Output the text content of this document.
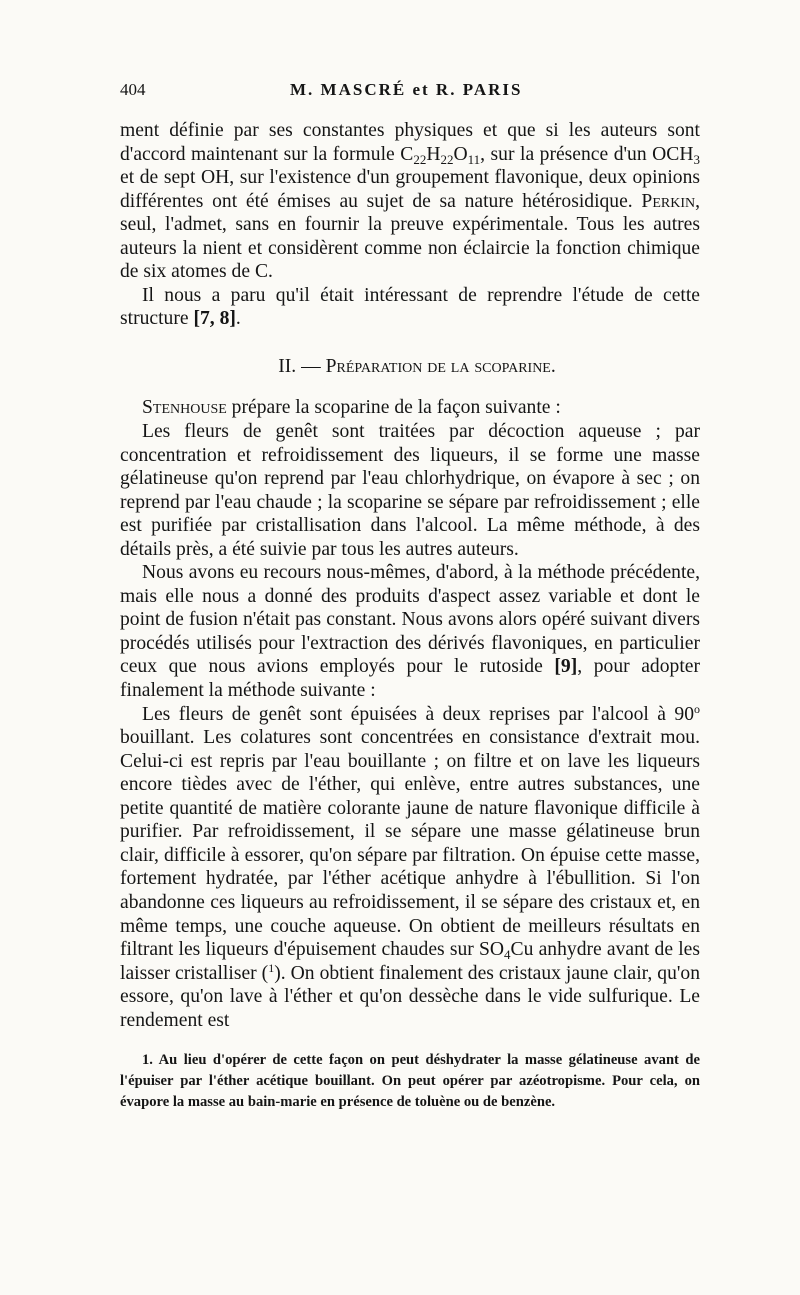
404	M. MASCRÉ et R. PARIS

ment définie par ses constantes physiques et que si les auteurs sont d'accord maintenant sur la formule $C_{22}H_{22}O_{11}$, sur la présence d'un $OCH_3$ et de sept OH, sur l'existence d'un groupement flavonique, deux opinions différentes ont été émises au sujet de sa nature hétérosidique. Perkin, seul, l'admet, sans en fournir la preuve expérimentale. Tous les autres auteurs la nient et considèrent comme non éclaircie la fonction chimique de six atomes de C.

Il nous a paru qu'il était intéressant de reprendre l'étude de cette structure [7, 8].

II. — Préparation de la scoparine.

Stenhouse prépare la scoparine de la façon suivante :

Les fleurs de genêt sont traitées par décoction aqueuse ; par concentration et refroidissement des liqueurs, il se forme une masse gélatineuse qu'on reprend par l'eau chlorhydrique, on évapore à sec ; on reprend par l'eau chaude ; la scoparine se sépare par refroidissement ; elle est purifiée par cristallisation dans l'alcool. La même méthode, à des détails près, a été suivie par tous les autres auteurs.

Nous avons eu recours nous-mêmes, d'abord, à la méthode précédente, mais elle nous a donné des produits d'aspect assez variable et dont le point de fusion n'était pas constant. Nous avons alors opéré suivant divers procédés utilisés pour l'extraction des dérivés flavoniques, en particulier ceux que nous avions employés pour le rutoside [9], pour adopter finalement la méthode suivante :

Les fleurs de genêt sont épuisées à deux reprises par l'alcool à 90$^o$ bouillant. Les colatures sont concentrées en consistance d'extrait mou. Celui-ci est repris par l'eau bouillante ; on filtre et on lave les liqueurs encore tièdes avec de l'éther, qui enlève, entre autres substances, une petite quantité de matière colorante jaune de nature flavonique difficile à purifier. Par refroidissement, il se sépare une masse gélatineuse brun clair, difficile à essorer, qu'on sépare par filtration. On épuise cette masse, fortement hydratée, par l'éther acétique anhydre à l'ébullition. Si l'on abandonne ces liqueurs au refroidissement, il se sépare des cristaux et, en même temps, une couche aqueuse. On obtient de meilleurs résultats en filtrant les liqueurs d'épuisement chaudes sur $SO_4Cu$ anhydre avant de les laisser cristalliser ($^1$). On obtient finalement des cristaux jaune clair, qu'on essore, qu'on lave à l'éther et qu'on dessèche dans le vide sulfurique. Le rendement est

1. Au lieu d'opérer de cette façon on peut déshydrater la masse gélatineuse avant de l'épuiser par l'éther acétique bouillant. On peut opérer par azéotropisme. Pour cela, on évapore la masse au bain-marie en présence de toluène ou de benzène.
